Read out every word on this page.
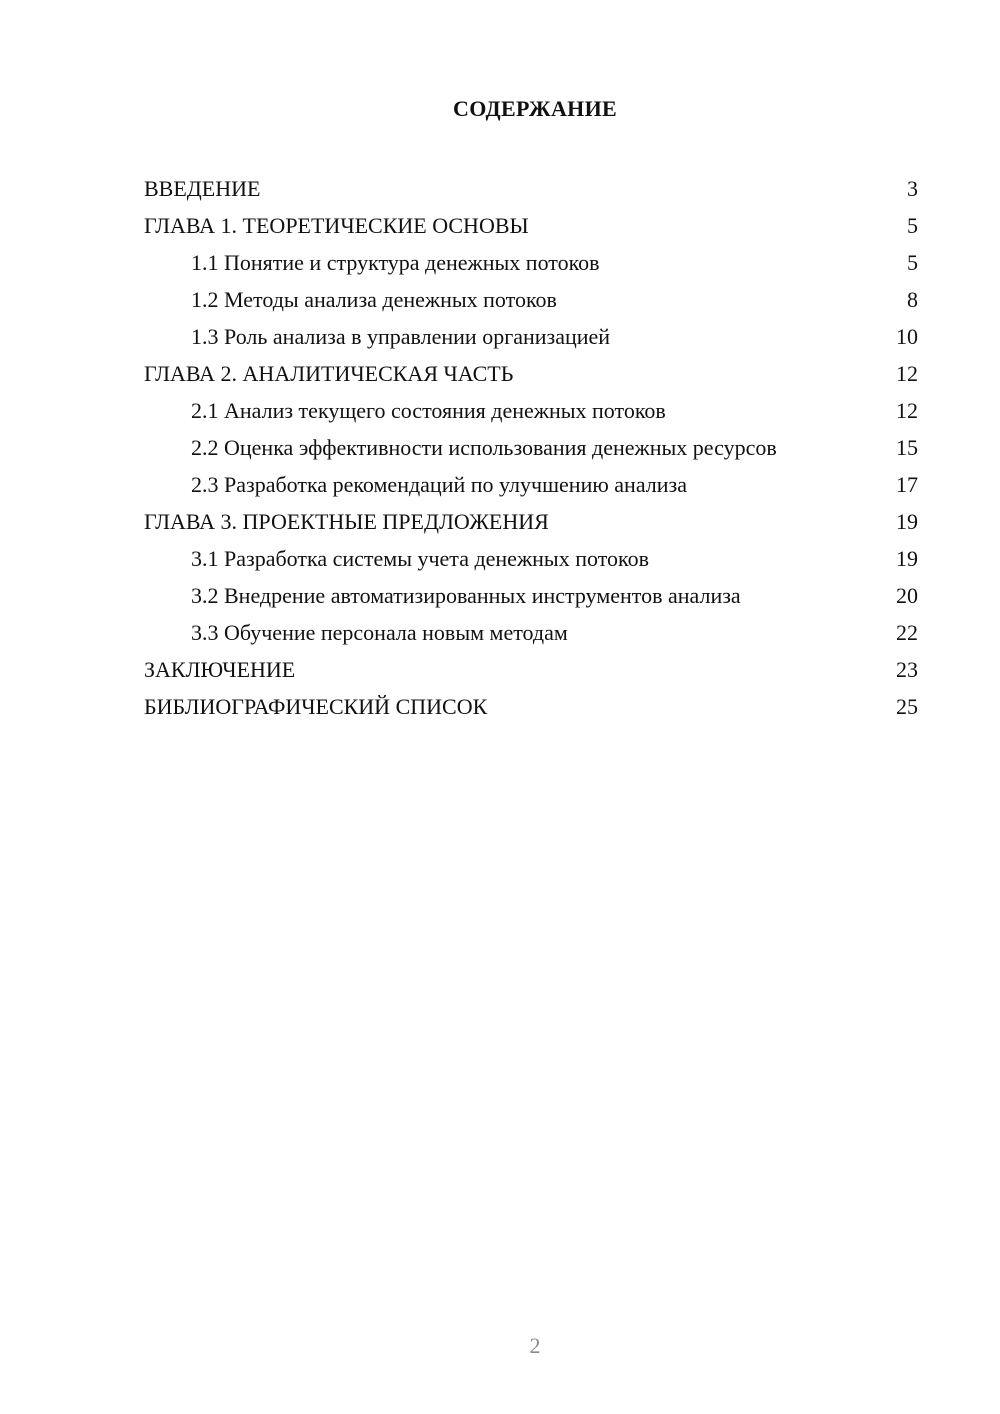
СОДЕРЖАНИЕ
ВВЕДЕНИЕ	3
ГЛАВА 1. ТЕОРЕТИЧЕСКИЕ ОСНОВЫ	5
1.1 Понятие и структура денежных потоков	5
1.2 Методы анализа денежных потоков	8
1.3 Роль анализа в управлении организацией	10
ГЛАВА 2. АНАЛИТИЧЕСКАЯ ЧАСТЬ	12
2.1 Анализ текущего состояния денежных потоков	12
2.2 Оценка эффективности использования денежных ресурсов	15
2.3 Разработка рекомендаций по улучшению анализа	17
ГЛАВА 3. ПРОЕКТНЫЕ ПРЕДЛОЖЕНИЯ	19
3.1 Разработка системы учета денежных потоков	19
3.2 Внедрение автоматизированных инструментов анализа	20
3.3 Обучение персонала новым методам	22
ЗАКЛЮЧЕНИЕ	23
БИБЛИОГРАФИЧЕСКИЙ СПИСОК	25
2
